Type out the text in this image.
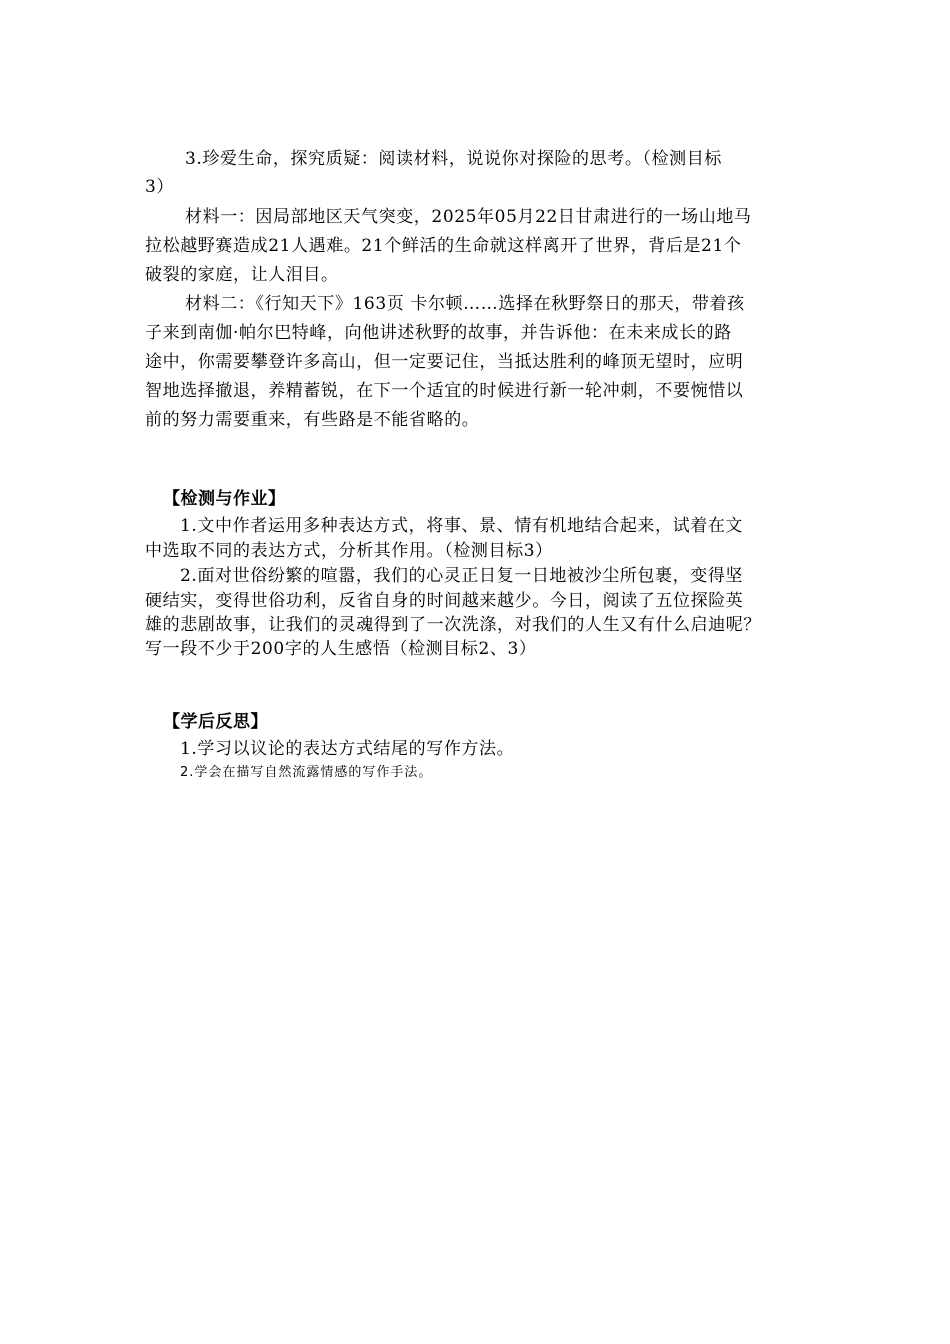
3.珍爱生命，探究质疑：阅读材料，说说你对探险的思考。（检测目标
3）
材料一：因局部地区天气突变，2025年05月22日甘肃进行的一场山地马
拉松越野赛造成21人遇难。21个鲜活的生命就这样离开了世界，背后是21个
破裂的家庭，让人泪目。
材料二：《行知天下》163页 卡尔顿……选择在秋野祭日的那天，带着孩
子来到南伽·帕尔巴特峰，向他讲述秋野的故事，并告诉他：在未来成长的路
途中，你需要攀登许多高山，但一定要记住，当抵达胜利的峰顶无望时，应明
智地选择撤退，养精蓄锐，在下一个适宜的时候进行新一轮冲刺，不要惋惜以
前的努力需要重来，有些路是不能省略的。
【检测与作业】
1.文中作者运用多种表达方式，将事、景、情有机地结合起来，试着在文
中选取不同的表达方式，分析其作用。（检测目标3）
2.面对世俗纷繁的喧嚣，我们的心灵正日复一日地被沙尘所包裹，变得坚
硬结实，变得世俗功利，反省自身的时间越来越少。今日，阅读了五位探险英
雄的悲剧故事，让我们的灵魂得到了一次洗涤，对我们的人生又有什么启迪呢？
写一段不少于200字的人生感悟（检测目标2、3）
【学后反思】
1.学习以议论的表达方式结尾的写作方法。
2.学会在描写自然流露情感的写作手法。
